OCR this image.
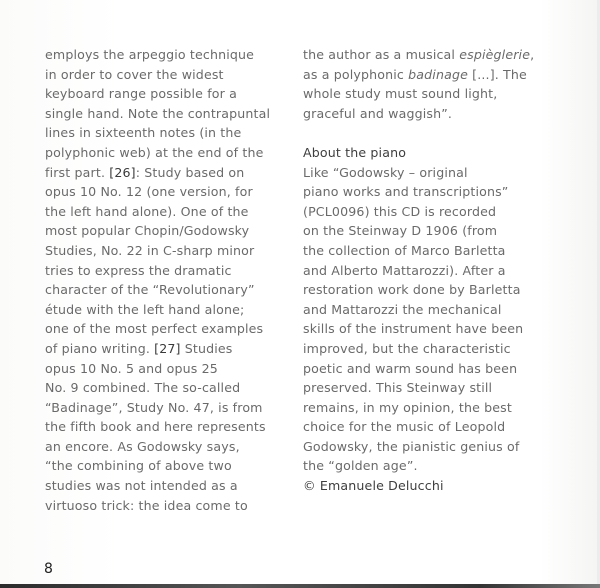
employs the arpeggio technique
in order to cover the widest
keyboard range possible for a
single hand. Note the contrapuntal
lines in sixteenth notes (in the
polyphonic web) at the end of the
first part. [26]: Study based on
opus 10 No. 12 (one version, for
the left hand alone). One of the
most popular Chopin/Godowsky
Studies, No. 22 in C-sharp minor
tries to express the dramatic
character of the “Revolutionary”
étude with the left hand alone;
one of the most perfect examples
of piano writing. [27] Studies
opus 10 No. 5 and opus 25
No. 9 combined. The so-called
“Badinage”, Study No. 47, is from
the fifth book and here represents
an encore. As Godowsky says,
“the combining of above two
studies was not intended as a
virtuoso trick: the idea come to
the author as a musical espièglerie,
as a polyphonic badinage [...]. The
whole study must sound light,
graceful and waggish”.
About the piano
Like “Godowsky – original
piano works and transcriptions”
(PCL0096) this CD is recorded
on the Steinway D 1906 (from
the collection of Marco Barletta
and Alberto Mattarozzi). After a
restoration work done by Barletta
and Mattarozzi the mechanical
skills of the instrument have been
improved, but the characteristic
poetic and warm sound has been
preserved. This Steinway still
remains, in my opinion, the best
choice for the music of Leopold
Godowsky, the pianistic genius of
the “golden age”.
© Emanuele Delucchi
8
